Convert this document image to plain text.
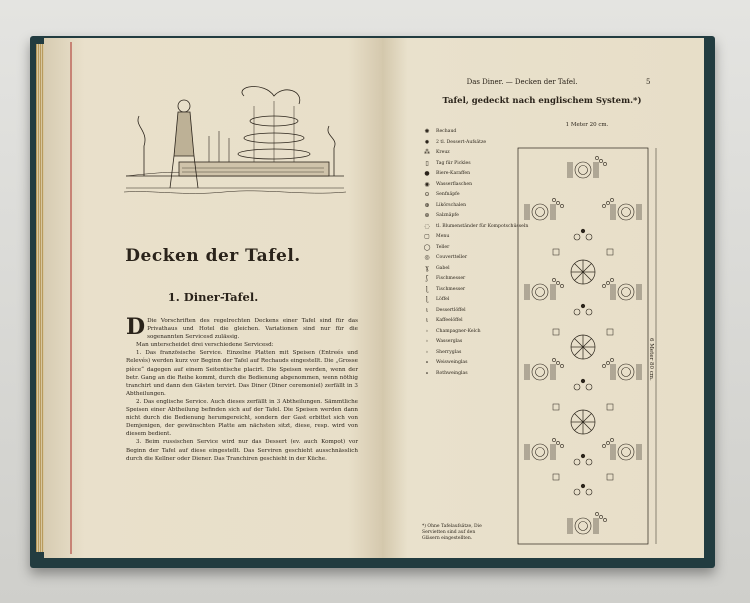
Decken der Tafel.
1. Diner-Tafel.

D Die Vorschriften des regelrechten Deckens einer Tafel sind für das Privathaus und Hotel die gleichen. Variationen sind nur für die sogenannten Servicesd zulässig.

Man unterscheidet drei verschiedene Servicesd:

1. Das französische Service. Einzelne Platten mit Speisen (Entreés und Relevés) werden kurz vor Beginn der Tafel auf Rechauds eingestellt. Die „Grosse pièce“ dagegen auf einem Seitentische placirt. Die Speisen werden, wenn der betr. Gang an die Reihe kommt, durch die Bedienung abgenommen, wenn nöthig tranchirt und dann den Gästen tervirt. Das Diner (Diner ceremoniel) zerfällt in 3 Abtheilungen.

2. Das englische Service. Auch dieses zerfällt in 3 Abtheilungen. Sämmtliche Speisen einer Abtheilung befinden sich auf der Tafel. Die Speisen werden dann nicht durch die Bedienung herumgereicht, sondern der Gast erbittet sich von Demjenigen, der gewünschten Platte am nächsten sitzt, diese, resp. wird von diesem bedient.

3. Beim russischen Service wird nur das Dessert (ev. auch Kompot) vor Beginn der Tafel auf diese eingestellt. Das Serviren geschieht ausschnässlich durch die Kellner oder Diener. Das Tranchiren geschieht in der Küche.

Das Diner. — Decken der Tafel.	5
Tafel, gedeckt nach englischem System.*)
✺	Rechaud
✹	2 tl. Dessert-Aufsätze
⁂	Kreuz
▯	Tag für Pickles
●	Biere-Karaffen
◉	Wasserflaschen
⊙	Senfnäpfe
⊛	Likörschalen
⊚	Salznäpfe
◌	tl. Blumenständer für Kompotschüsseln
▢	Menu
◯	Teller
◎	Couvertteller
ɣ	Gabel
ʃ	Fischmesser
ɭ	Tischmesser
ɭ	Löffel
ɩ	Dessertlöffel
ɩ	Kaffeelöffel
◦	Champagner-Kelch
◦	Wasserglas
◦	Sherryglas
∘	Weisweinglas
∘	Rothweinglas
*) Ohne Tafelaufsätze, Die Servietten sind auf den Gläsern eingestellten.
1 Meter 20 cm.
6 Meter 80 cm.
